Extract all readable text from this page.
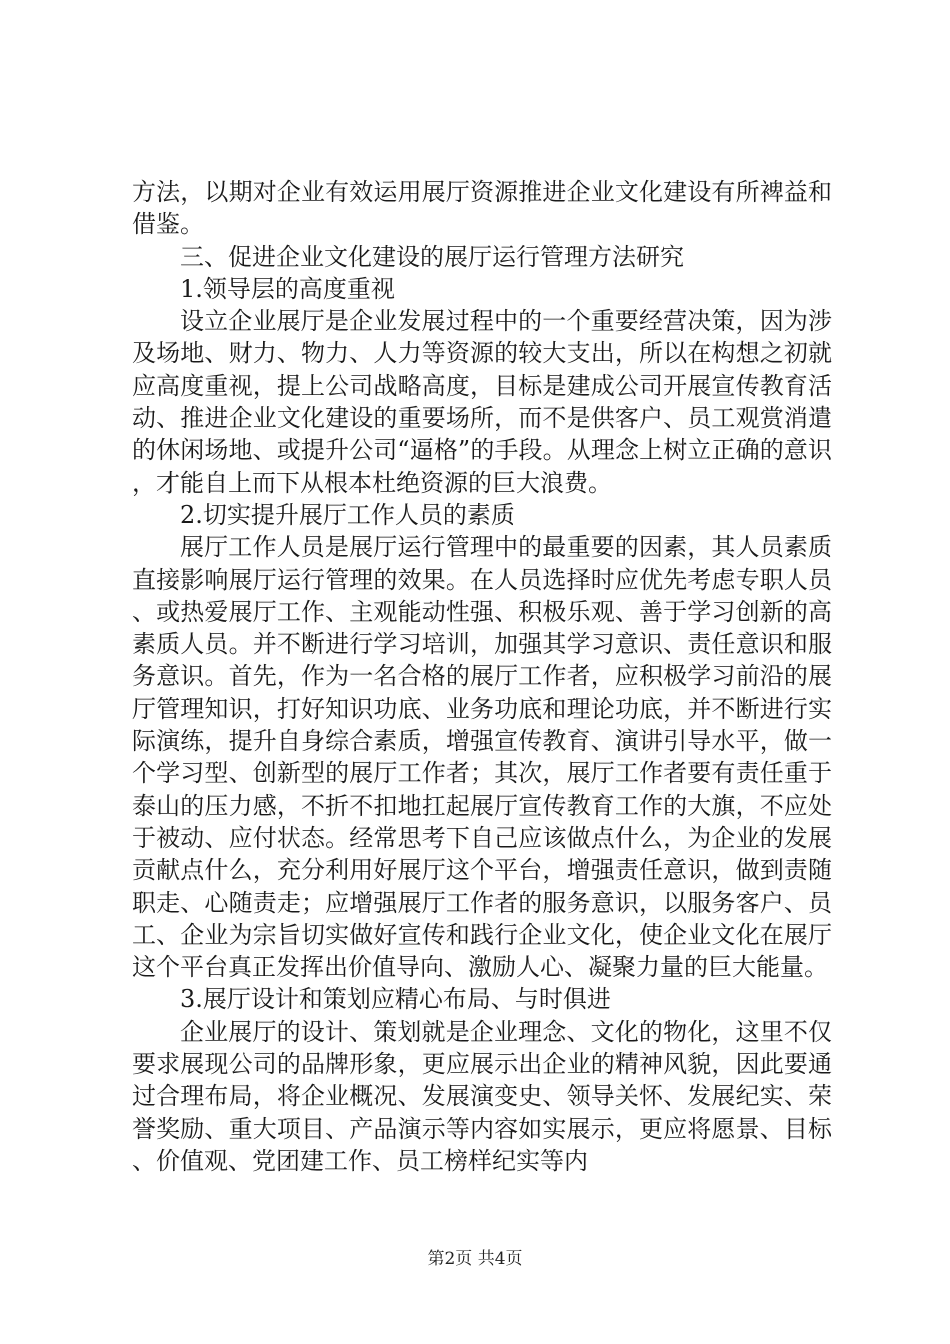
方法，以期对企业有效运用展厅资源推进企业文化建设有所裨益和借鉴。

三、促进企业文化建设的展厅运行管理方法研究

1.领导层的高度重视

设立企业展厅是企业发展过程中的一个重要经营决策，因为涉及场地、财力、物力、人力等资源的较大支出，所以在构想之初就应高度重视，提上公司战略高度，目标是建成公司开展宣传教育活动、推进企业文化建设的重要场所，而不是供客户、员工观赏消遣的休闲场地、或提升公司“逼格”的手段。从理念上树立正确的意识，才能自上而下从根本杜绝资源的巨大浪费。

2.切实提升展厅工作人员的素质

展厅工作人员是展厅运行管理中的最重要的因素，其人员素质直接影响展厅运行管理的效果。在人员选择时应优先考虑专职人员、或热爱展厅工作、主观能动性强、积极乐观、善于学习创新的高素质人员。并不断进行学习培训，加强其学习意识、责任意识和服务意识。首先，作为一名合格的展厅工作者，应积极学习前沿的展厅管理知识，打好知识功底、业务功底和理论功底，并不断进行实际演练，提升自身综合素质，增强宣传教育、演讲引导水平，做一个学习型、创新型的展厅工作者；其次，展厅工作者要有责任重于泰山的压力感，不折不扣地扛起展厅宣传教育工作的大旗，不应处于被动、应付状态。经常思考下自己应该做点什么，为企业的发展贡献点什么，充分利用好展厅这个平台，增强责任意识，做到责随职走、心随责走；应增强展厅工作者的服务意识，以服务客户、员工、企业为宗旨切实做好宣传和践行企业文化，使企业文化在展厅这个平台真正发挥出价值导向、激励人心、凝聚力量的巨大能量。

3.展厅设计和策划应精心布局、与时俱进

企业展厅的设计、策划就是企业理念、文化的物化，这里不仅要求展现公司的品牌形象，更应展示出企业的精神风貌，因此要通过合理布局，将企业概况、发展演变史、领导关怀、发展纪实、荣誉奖励、重大项目、产品演示等内容如实展示，更应将愿景、目标、价值观、党团建工作、员工榜样纪实等内

第2页 共4页
